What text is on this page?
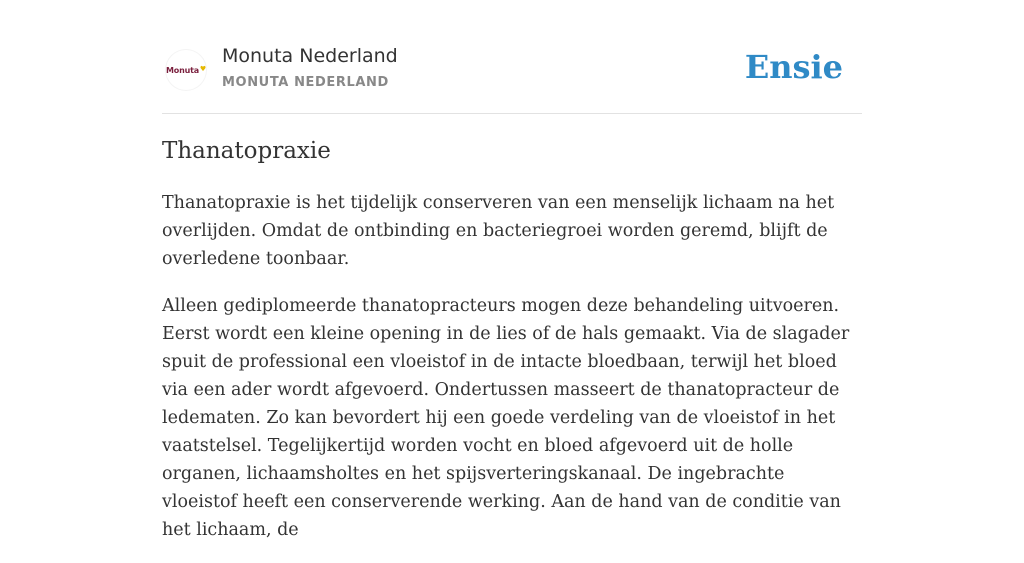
Monuta ♥
Monuta Nederland
MONUTA NEDERLAND	Ensie
Thanatopraxie

Thanatopraxie is het tijdelijk conserveren van een menselijk lichaam na het overlijden. Omdat de ontbinding en bacteriegroei worden geremd, blijft de overledene toonbaar.

Alleen gediplomeerde thanatopracteurs mogen deze behandeling uitvoeren. Eerst wordt een kleine opening in de lies of de hals gemaakt. Via de slagader spuit de professional een vloeistof in de intacte bloedbaan, terwijl het bloed via een ader wordt afgevoerd. Ondertussen masseert de thanatopracteur de ledematen. Zo kan bevordert hij een goede verdeling van de vloeistof in het vaatstelsel. Tegelijkertijd worden vocht en bloed afgevoerd uit de holle organen, lichaamsholtes en het spijsverteringskanaal. De ingebrachte vloeistof heeft een conserverende werking. Aan de hand van de conditie van het lichaam, de
